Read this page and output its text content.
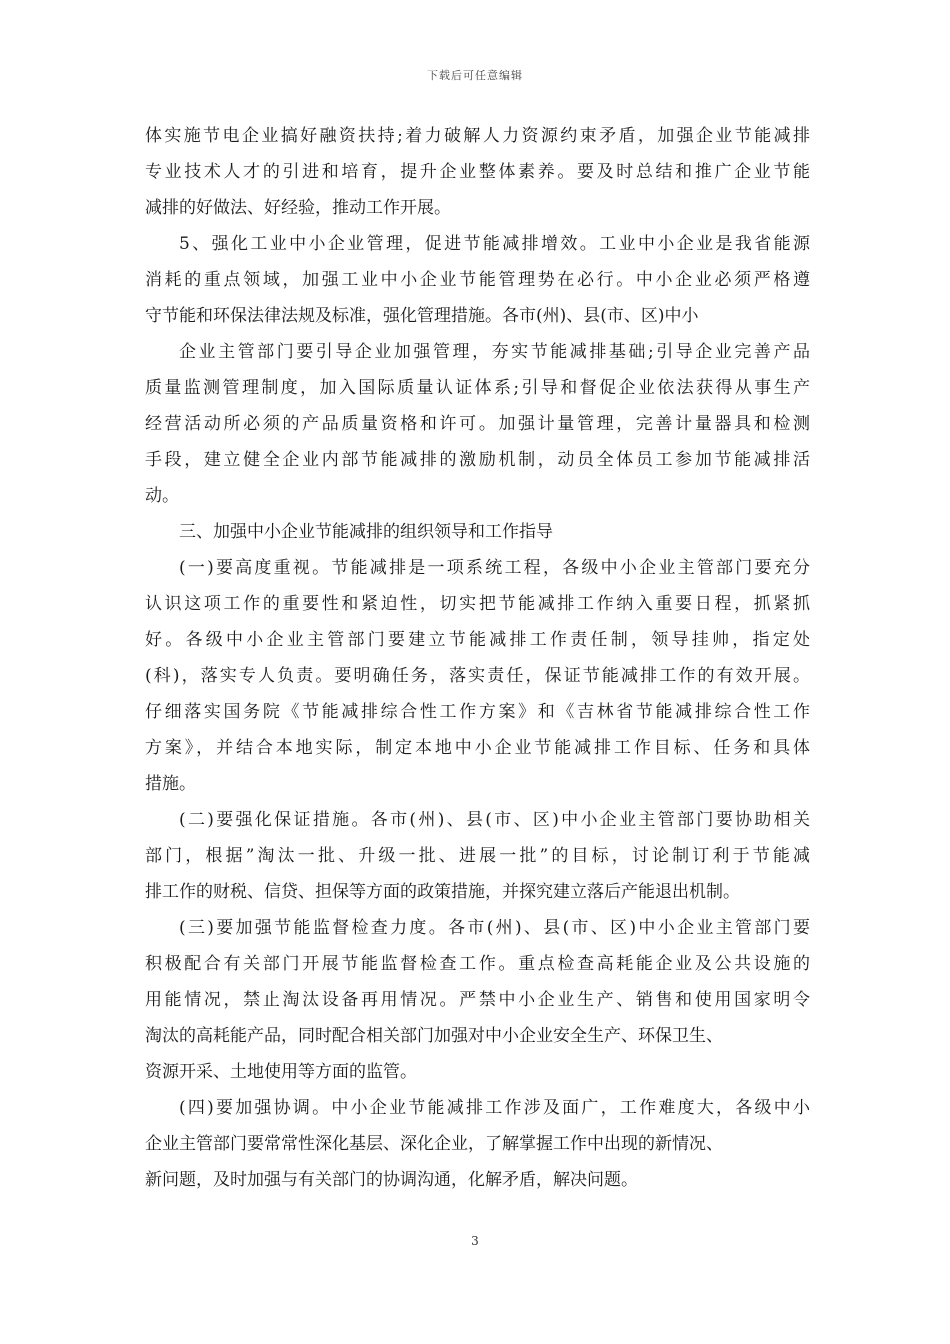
下载后可任意编辑

体实施节电企业搞好融资扶持;着力破解人力资源约束矛盾，加强企业节能减排
专业技术人才的引进和培育，提升企业整体素养。要及时总结和推广企业节能
减排的好做法、好经验，推动工作开展。

5、强化工业中小企业管理，促进节能减排增效。工业中小企业是我省能源
消耗的重点领域，加强工业中小企业节能管理势在必行。中小企业必须严格遵
守节能和环保法律法规及标准，强化管理措施。各市(州)、县(市、区)中小

企业主管部门要引导企业加强管理，夯实节能减排基础;引导企业完善产品
质量监测管理制度，加入国际质量认证体系;引导和督促企业依法获得从事生产
经营活动所必须的产品质量资格和许可。加强计量管理，完善计量器具和检测
手段，建立健全企业内部节能减排的激励机制，动员全体员工参加节能减排活
动。

三、加强中小企业节能减排的组织领导和工作指导

(一)要高度重视。节能减排是一项系统工程，各级中小企业主管部门要充分
认识这项工作的重要性和紧迫性，切实把节能减排工作纳入重要日程，抓紧抓
好。各级中小企业主管部门要建立节能减排工作责任制，领导挂帅，指定处
(科)，落实专人负责。要明确任务，落实责任，保证节能减排工作的有效开展。
仔细落实国务院《节能减排综合性工作方案》和《吉林省节能减排综合性工作
方案》，并结合本地实际，制定本地中小企业节能减排工作目标、任务和具体
措施。

(二)要强化保证措施。各市(州)、县(市、区)中小企业主管部门要协助相关
部门，根据”淘汰一批、升级一批、进展一批”的目标，讨论制订利于节能减
排工作的财税、信贷、担保等方面的政策措施，并探究建立落后产能退出机制。

(三)要加强节能监督检查力度。各市(州)、县(市、区)中小企业主管部门要
积极配合有关部门开展节能监督检查工作。重点检查高耗能企业及公共设施的
用能情况，禁止淘汰设备再用情况。严禁中小企业生产、销售和使用国家明令
淘汰的高耗能产品，同时配合相关部门加强对中小企业安全生产、环保卫生、
资源开采、土地使用等方面的监管。

(四)要加强协调。中小企业节能减排工作涉及面广，工作难度大，各级中小
企业主管部门要常常性深化基层、深化企业，了解掌握工作中出现的新情况、
新问题，及时加强与有关部门的协调沟通，化解矛盾，解决问题。

3
